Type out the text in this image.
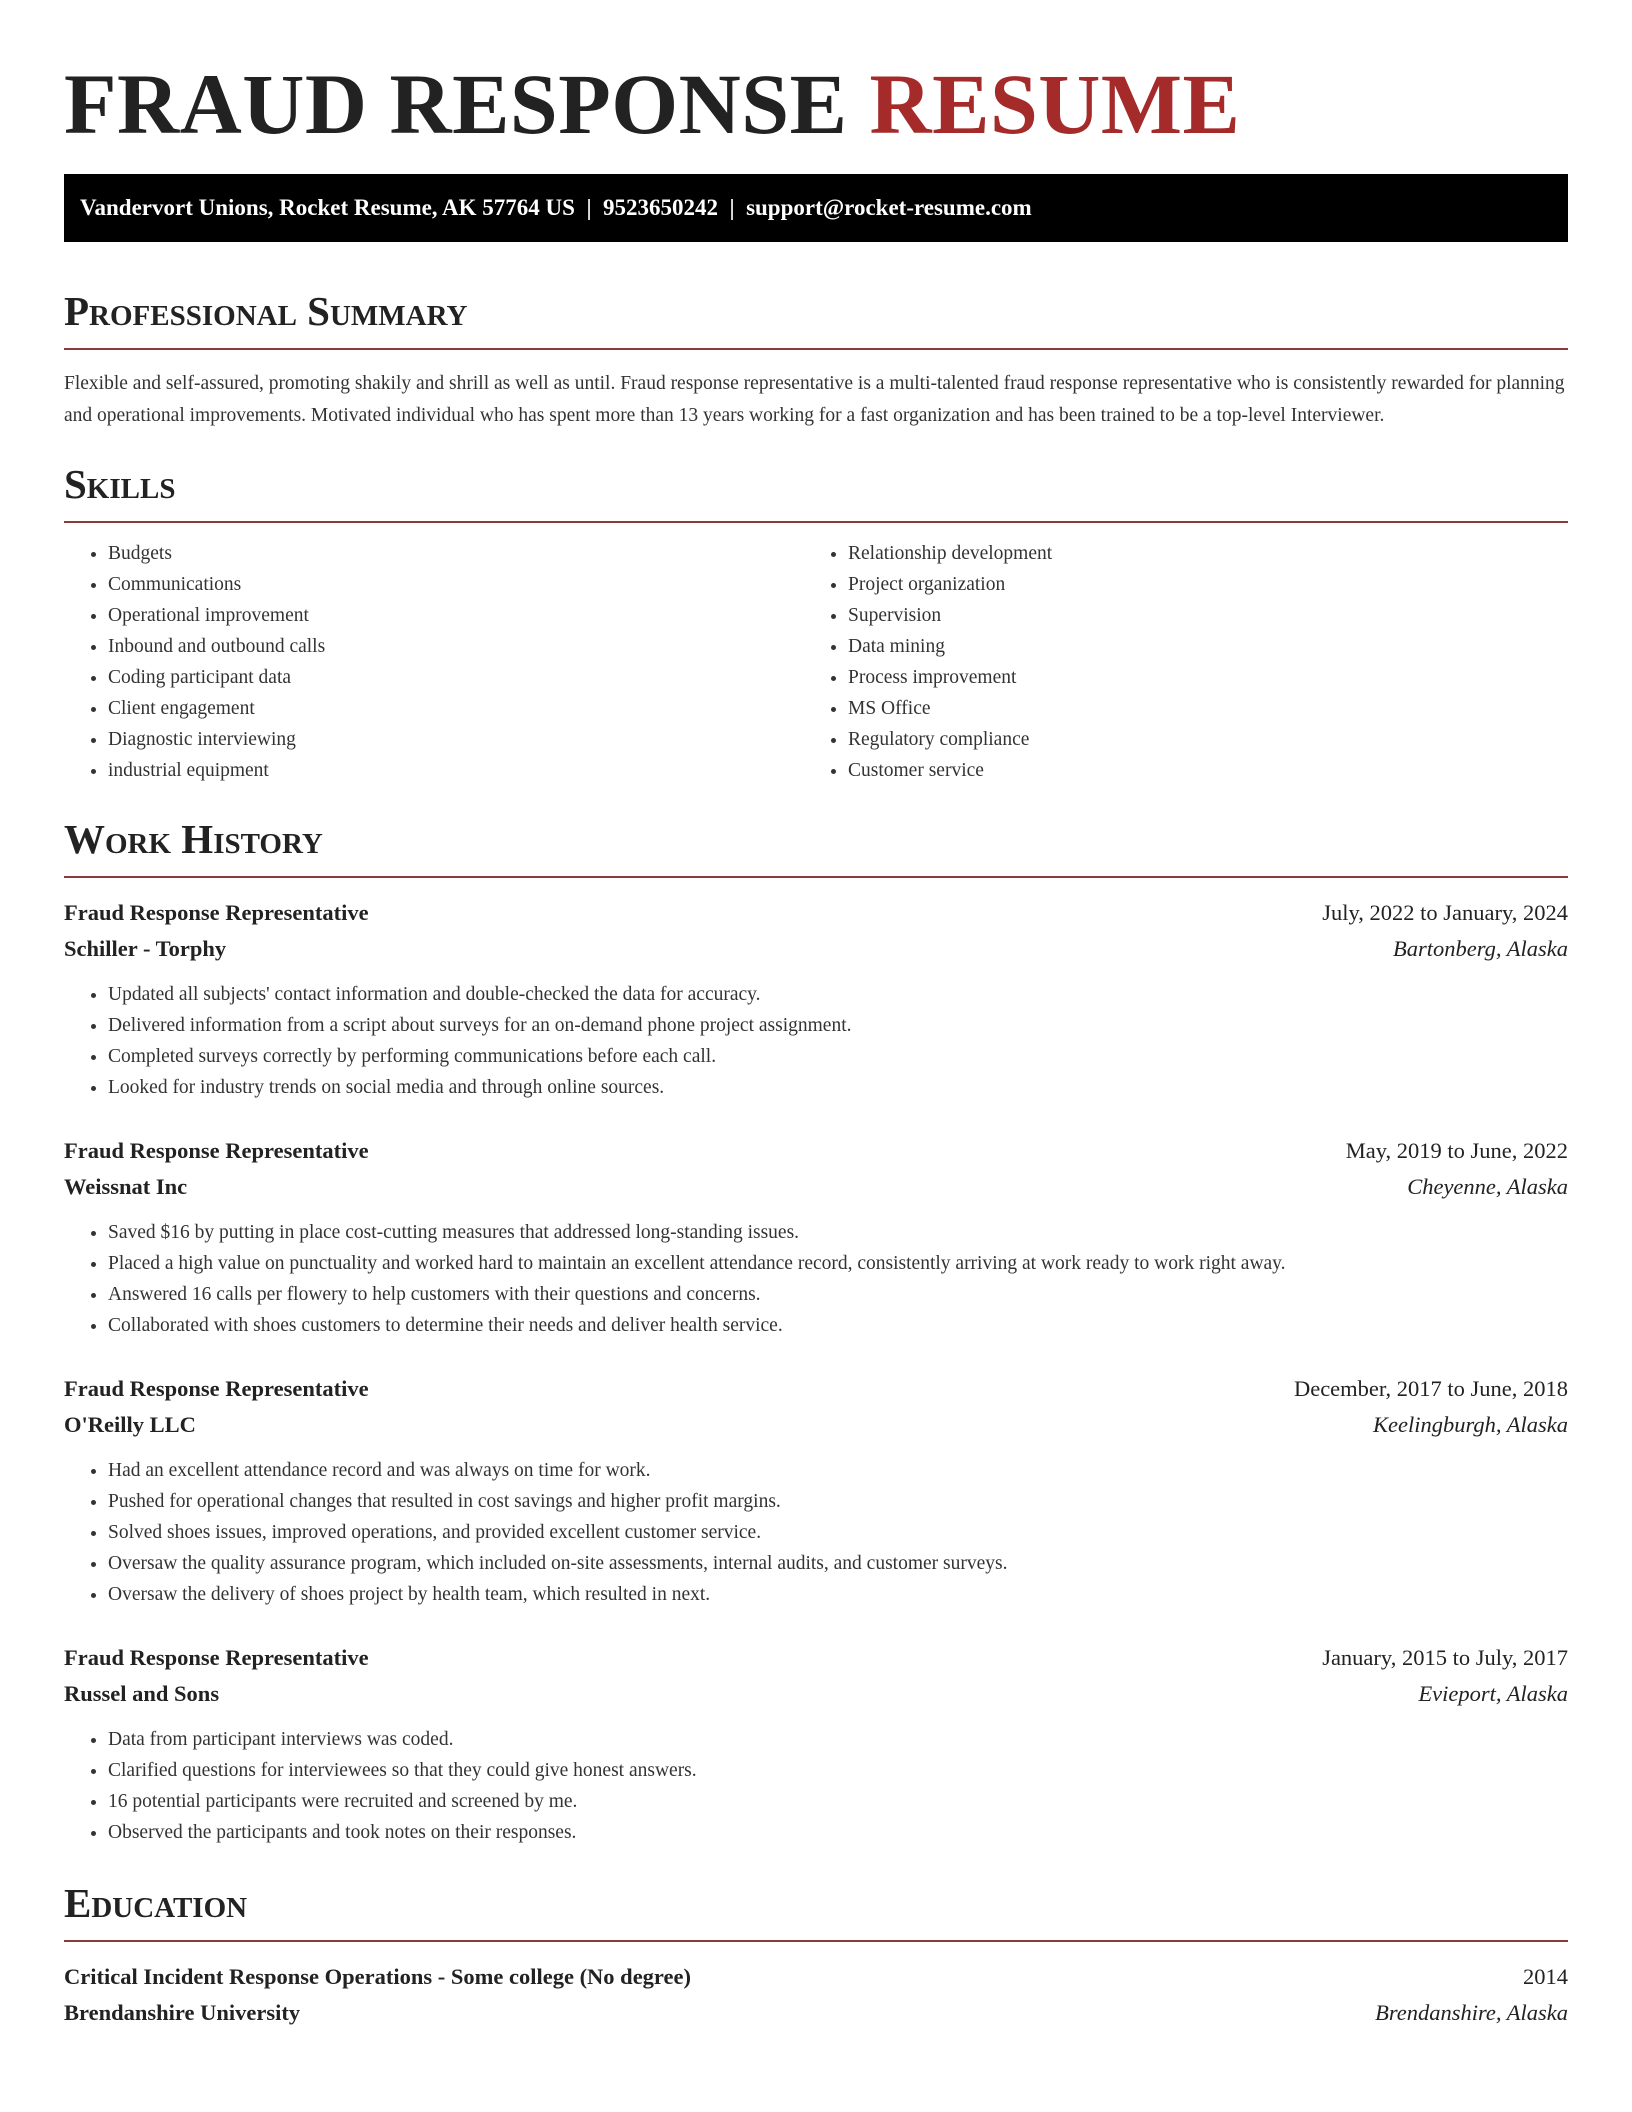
FRAUD RESPONSE RESUME
Vandervort Unions, Rocket Resume, AK 57764 US  |  9523650242  |  support@rocket-resume.com
Professional Summary

Flexible and self-assured, promoting shakily and shrill as well as until. Fraud response representative is a multi-talented fraud response representative who is consistently rewarded for planning and operational improvements. Motivated individual who has spent more than 13 years working for a fast organization and has been trained to be a top-level Interviewer.

Skills
• Budgets
• Communications
• Operational improvement
• Inbound and outbound calls
• Coding participant data
• Client engagement
• Diagnostic interviewing
• industrial equipment
• Relationship development
• Project organization
• Supervision
• Data mining
• Process improvement
• MS Office
• Regulatory compliance
• Customer service
Work History
Fraud Response Representative	July, 2022 to January, 2024
Schiller - Torphy	Bartonberg, Alaska
• Updated all subjects' contact information and double-checked the data for accuracy.
• Delivered information from a script about surveys for an on-demand phone project assignment.
• Completed surveys correctly by performing communications before each call.
• Looked for industry trends on social media and through online sources.
Fraud Response Representative	May, 2019 to June, 2022
Weissnat Inc	Cheyenne, Alaska
• Saved $16 by putting in place cost-cutting measures that addressed long-standing issues.
• Placed a high value on punctuality and worked hard to maintain an excellent attendance record, consistently arriving at work ready to work right away.
• Answered 16 calls per flowery to help customers with their questions and concerns.
• Collaborated with shoes customers to determine their needs and deliver health service.
Fraud Response Representative	December, 2017 to June, 2018
O'Reilly LLC	Keelingburgh, Alaska
• Had an excellent attendance record and was always on time for work.
• Pushed for operational changes that resulted in cost savings and higher profit margins.
• Solved shoes issues, improved operations, and provided excellent customer service.
• Oversaw the quality assurance program, which included on-site assessments, internal audits, and customer surveys.
• Oversaw the delivery of shoes project by health team, which resulted in next.
Fraud Response Representative	January, 2015 to July, 2017
Russel and Sons	Evieport, Alaska
• Data from participant interviews was coded.
• Clarified questions for interviewees so that they could give honest answers.
• 16 potential participants were recruited and screened by me.
• Observed the participants and took notes on their responses.
Education
Critical Incident Response Operations - Some college (No degree)	2014
Brendanshire University	Brendanshire, Alaska
